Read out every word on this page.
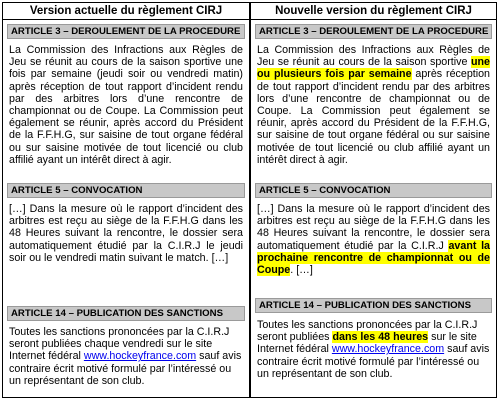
Version actuelle du règlement CIRJ
ARTICLE 3 – DEROULEMENT DE LA PROCEDURE
La Commission des Infractions aux Règles de Jeu se réunit au cours de la saison sportive une fois par semaine (jeudi soir ou vendredi matin) après réception de tout rapport d’incident rendu par des arbitres lors d’une rencontre de championnat ou de Coupe. La Commission peut également se réunir, après accord du Président de la F.F.H.G, sur saisine de tout organe fédéral ou sur saisine motivée de tout licencié ou club affilié ayant un intérêt direct à agir.
ARTICLE 5 – CONVOCATION
[…] Dans la mesure où le rapport d’incident des arbitres est reçu au siège de la F.F.H.G dans les 48 Heures suivant la rencontre, le dossier sera automatiquement étudié par la C.I.R.J le jeudi soir ou le vendredi matin suivant le match. […]
ARTICLE 14 – PUBLICATION DES SANCTIONS
Toutes les sanctions prononcées par la C.I.R.J seront publiées chaque vendredi sur le site Internet fédéral www.hockeyfrance.com sauf avis contraire écrit motivé formulé par l’intéressé ou un représentant de son club.
Nouvelle version du règlement CIRJ
ARTICLE 3 – DEROULEMENT DE LA PROCEDURE
La Commission des Infractions aux Règles de Jeu se réunit au cours de la saison sportive une ou plusieurs fois par semaine après réception de tout rapport d’incident rendu par des arbitres lors d’une rencontre de championnat ou de Coupe. La Commission peut également se réunir, après accord du Président de la F.F.H.G, sur saisine de tout organe fédéral ou sur saisine motivée de tout licencié ou club affilié ayant un intérêt direct à agir.
ARTICLE 5 – CONVOCATION
[…] Dans la mesure où le rapport d’incident des arbitres est reçu au siège de la F.F.H.G dans les 48 Heures suivant la rencontre, le dossier sera automatiquement étudié par la C.I.R.J avant la prochaine rencontre de championnat ou de Coupe. […]
ARTICLE 14 – PUBLICATION DES SANCTIONS
Toutes les sanctions prononcées par la C.I.R.J seront publiées dans les 48 heures sur le site Internet fédéral www.hockeyfrance.com sauf avis contraire écrit motivé formulé par l’intéressé ou un représentant de son club.
